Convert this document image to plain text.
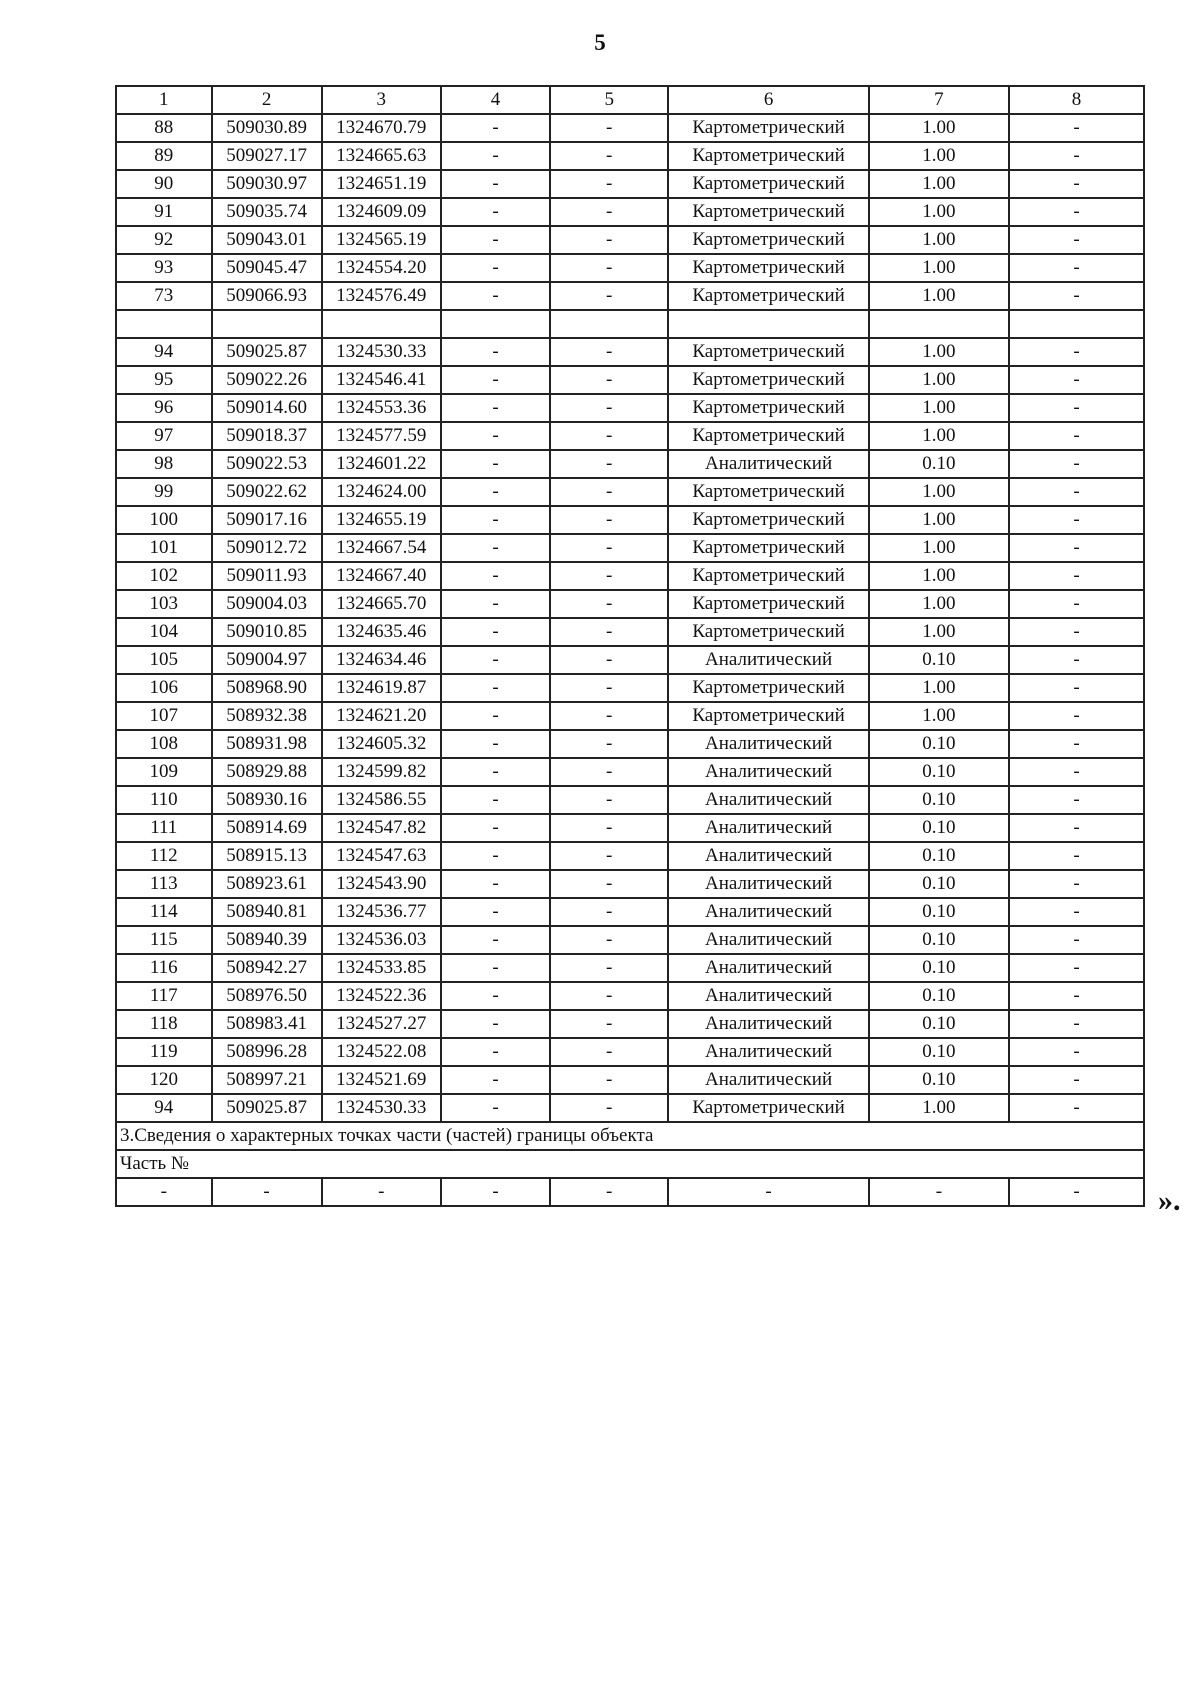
5
1	2	3	4	5	6	7	8
88	509030.89	1324670.79	-	-	Картометрический	1.00	-
89	509027.17	1324665.63	-	-	Картометрический	1.00	-
90	509030.97	1324651.19	-	-	Картометрический	1.00	-
91	509035.74	1324609.09	-	-	Картометрический	1.00	-
92	509043.01	1324565.19	-	-	Картометрический	1.00	-
93	509045.47	1324554.20	-	-	Картометрический	1.00	-
73	509066.93	1324576.49	-	-	Картометрический	1.00	-

94	509025.87	1324530.33	-	-	Картометрический	1.00	-
95	509022.26	1324546.41	-	-	Картометрический	1.00	-
96	509014.60	1324553.36	-	-	Картометрический	1.00	-
97	509018.37	1324577.59	-	-	Картометрический	1.00	-
98	509022.53	1324601.22	-	-	Аналитический	0.10	-
99	509022.62	1324624.00	-	-	Картометрический	1.00	-
100	509017.16	1324655.19	-	-	Картометрический	1.00	-
101	509012.72	1324667.54	-	-	Картометрический	1.00	-
102	509011.93	1324667.40	-	-	Картометрический	1.00	-
103	509004.03	1324665.70	-	-	Картометрический	1.00	-
104	509010.85	1324635.46	-	-	Картометрический	1.00	-
105	509004.97	1324634.46	-	-	Аналитический	0.10	-
106	508968.90	1324619.87	-	-	Картометрический	1.00	-
107	508932.38	1324621.20	-	-	Картометрический	1.00	-
108	508931.98	1324605.32	-	-	Аналитический	0.10	-
109	508929.88	1324599.82	-	-	Аналитический	0.10	-
110	508930.16	1324586.55	-	-	Аналитический	0.10	-
111	508914.69	1324547.82	-	-	Аналитический	0.10	-
112	508915.13	1324547.63	-	-	Аналитический	0.10	-
113	508923.61	1324543.90	-	-	Аналитический	0.10	-
114	508940.81	1324536.77	-	-	Аналитический	0.10	-
115	508940.39	1324536.03	-	-	Аналитический	0.10	-
116	508942.27	1324533.85	-	-	Аналитический	0.10	-
117	508976.50	1324522.36	-	-	Аналитический	0.10	-
118	508983.41	1324527.27	-	-	Аналитический	0.10	-
119	508996.28	1324522.08	-	-	Аналитический	0.10	-
120	508997.21	1324521.69	-	-	Аналитический	0.10	-
94	509025.87	1324530.33	-	-	Картометрический	1.00	-
3.Сведения о характерных точках части (частей) границы объекта							
Часть №							
-	-	-	-	-	-	-	-	».
